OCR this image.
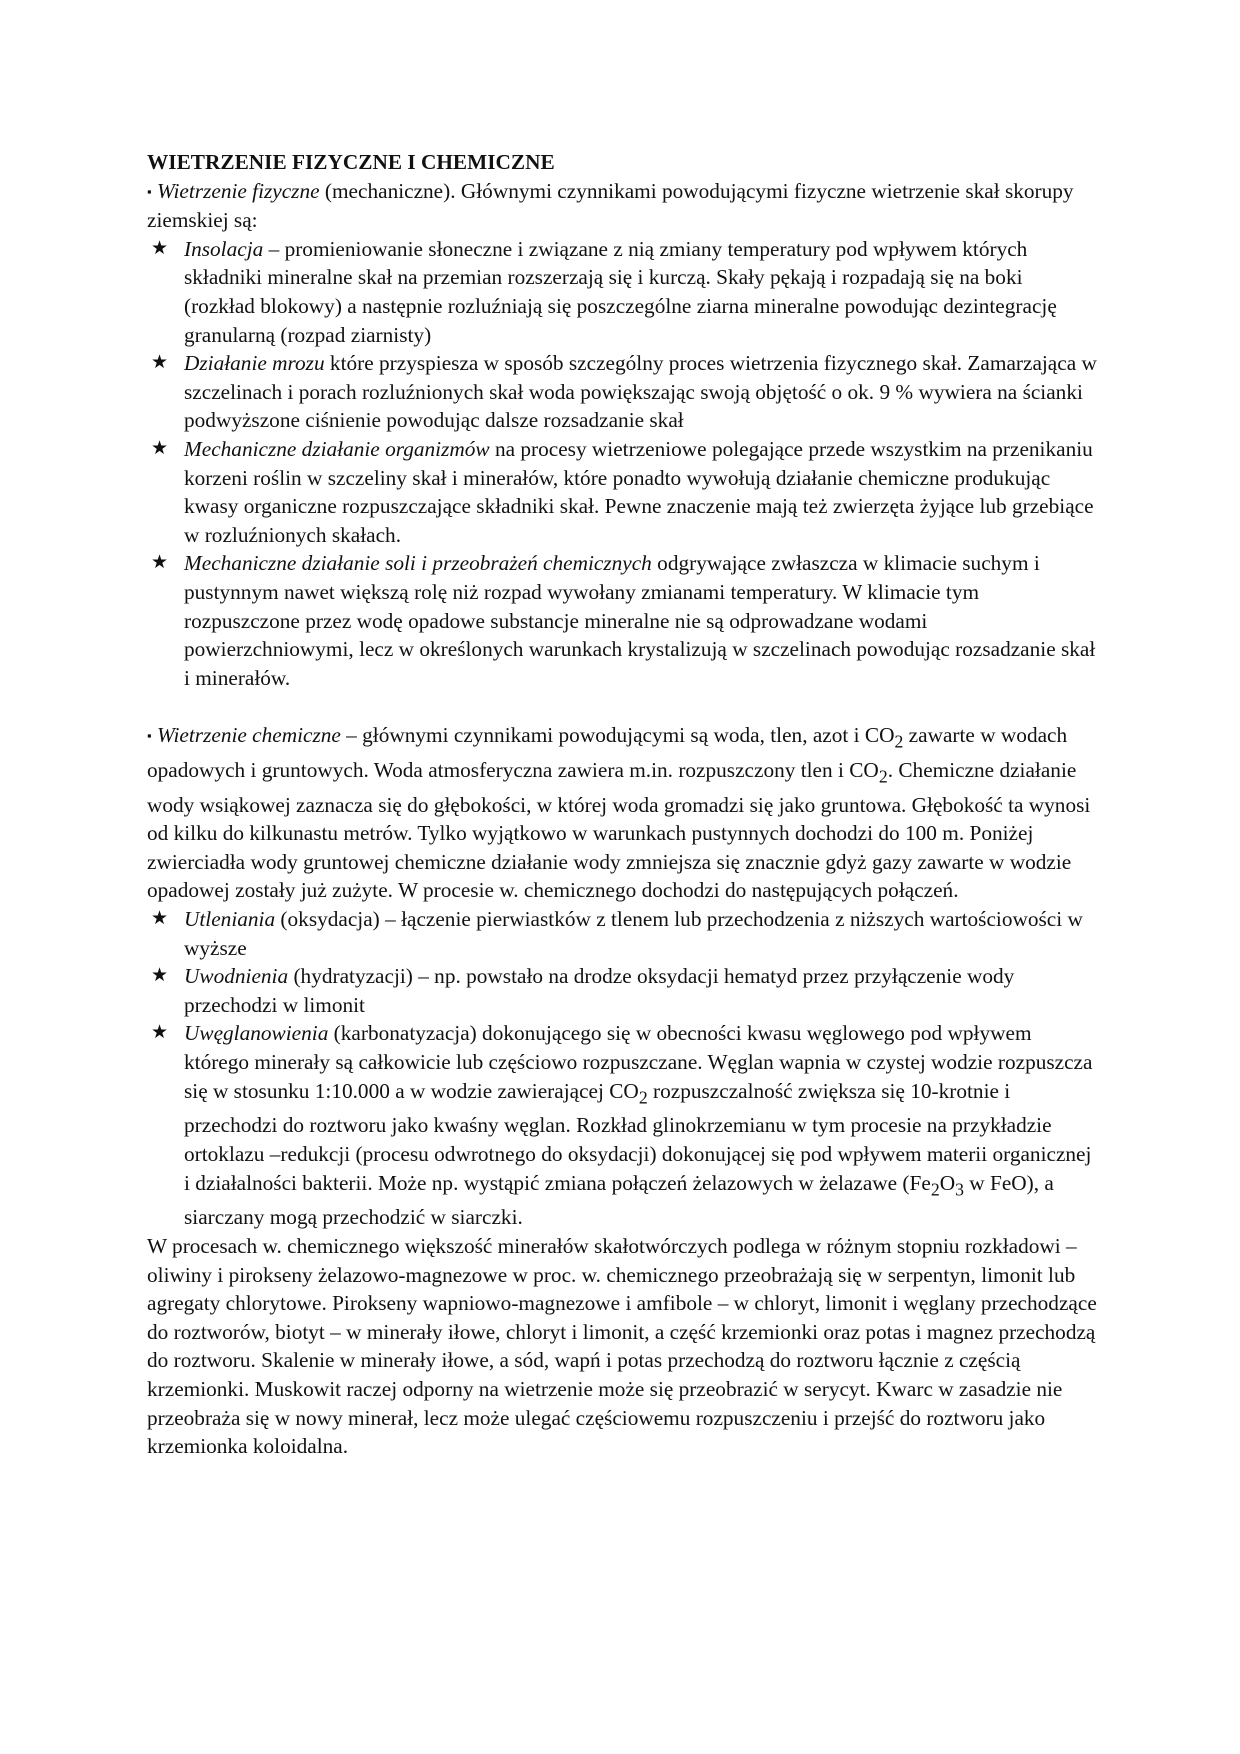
WIETRZENIE FIZYCZNE I CHEMICZNE

▪ Wietrzenie fizyczne (mechaniczne). Głównymi czynnikami powodującymi fizyczne wietrzenie skał skorupy ziemskiej są:

★ Insolacja – promieniowanie słoneczne i związane z nią zmiany temperatury pod wpływem których składniki mineralne skał na przemian rozszerzają się i kurczą. Skały pękają i rozpadają się na boki (rozkład blokowy) a następnie rozluźniają się poszczególne ziarna mineralne powodując dezintegrację granularną (rozpad ziarnisty)
★ Działanie mrozu które przyspiesza w sposób szczególny proces wietrzenia fizycznego skał. Zamarzająca w szczelinach i porach rozluźnionych skał woda powiększając swoją objętość o ok. 9 % wywiera na ścianki podwyższone ciśnienie powodując dalsze rozsadzanie skał
★ Mechaniczne działanie organizmów na procesy wietrzeniowe polegające przede wszystkim na przenikaniu korzeni roślin w szczeliny skał i minerałów, które ponadto wywołują działanie chemiczne produkując kwasy organiczne rozpuszczające składniki skał. Pewne znaczenie mają też zwierzęta żyjące lub grzebiące w rozluźnionych skałach.
★ Mechaniczne działanie soli i przeobrażeń chemicznych odgrywające zwłaszcza w klimacie suchym i pustynnym nawet większą rolę niż rozpad wywołany zmianami temperatury. W klimacie tym rozpuszczone przez wodę opadowe substancje mineralne nie są odprowadzane wodami powierzchniowymi, lecz w określonych warunkach krystalizują w szczelinach powodując rozsadzanie skał i minerałów.

▪ Wietrzenie chemiczne – głównymi czynnikami powodującymi są woda, tlen, azot i $CO_2$ zawarte w wodach opadowych i gruntowych. Woda atmosferyczna zawiera m.in. rozpuszczony tlen i $CO_2$. Chemiczne działanie wody wsiąkowej zaznacza się do głębokości, w której woda gromadzi się jako gruntowa. Głębokość ta wynosi od kilku do kilkunastu metrów. Tylko wyjątkowo w warunkach pustynnych dochodzi do 100 m. Poniżej zwierciadła wody gruntowej chemiczne działanie wody zmniejsza się znacznie gdyż gazy zawarte w wodzie opadowej zostały już zużyte. W procesie w. chemicznego dochodzi do następujących połączeń.

★ Utleniania (oksydacja) – łączenie pierwiastków z tlenem lub przechodzenia z niższych wartościowości w wyższe
★ Uwodnienia (hydratyzacji) – np. powstało na drodze oksydacji hematyd przez przyłączenie wody przechodzi w limonit
★ Uwęglanowienia (karbonatyzacja) dokonującego się w obecności kwasu węglowego pod wpływem którego minerały są całkowicie lub częściowo rozpuszczane. Węglan wapnia w czystej wodzie rozpuszcza się w stosunku 1:10.000 a w wodzie zawierającej $CO_2$ rozpuszczalność zwiększa się 10-krotnie i przechodzi do roztworu jako kwaśny węglan. Rozkład glinokrzemianu w tym procesie na przykładzie ortoklazu –redukcji (procesu odwrotnego do oksydacji) dokonującej się pod wpływem materii organicznej i działalności bakterii. Może np. wystąpić zmiana połączeń żelazowych w żelazawe ($Fe_2O_3$ w FeO), a siarczany mogą przechodzić w siarczki.

W procesach w. chemicznego większość minerałów skałotwórczych podlega w różnym stopniu rozkładowi – oliwiny i pirokseny żelazowo-magnezowe w proc. w. chemicznego przeobrażają się w serpentyn, limonit lub agregaty chlorytowe. Pirokseny wapniowo-magnezowe i amfibole – w chloryt, limonit i węglany przechodzące do roztworów, biotyt – w minerały iłowe, chloryt i limonit, a część krzemionki oraz potas i magnez przechodzą do roztworu. Skalenie w minerały iłowe, a sód, wapń i potas przechodzą do roztworu łącznie z częścią krzemionki. Muskowit raczej odporny na wietrzenie może się przeobrazić w serycyt. Kwarc w zasadzie nie przeobraża się w nowy minerał, lecz może ulegać częściowemu rozpuszczeniu i przejść do roztworu jako krzemionka koloidalna.
